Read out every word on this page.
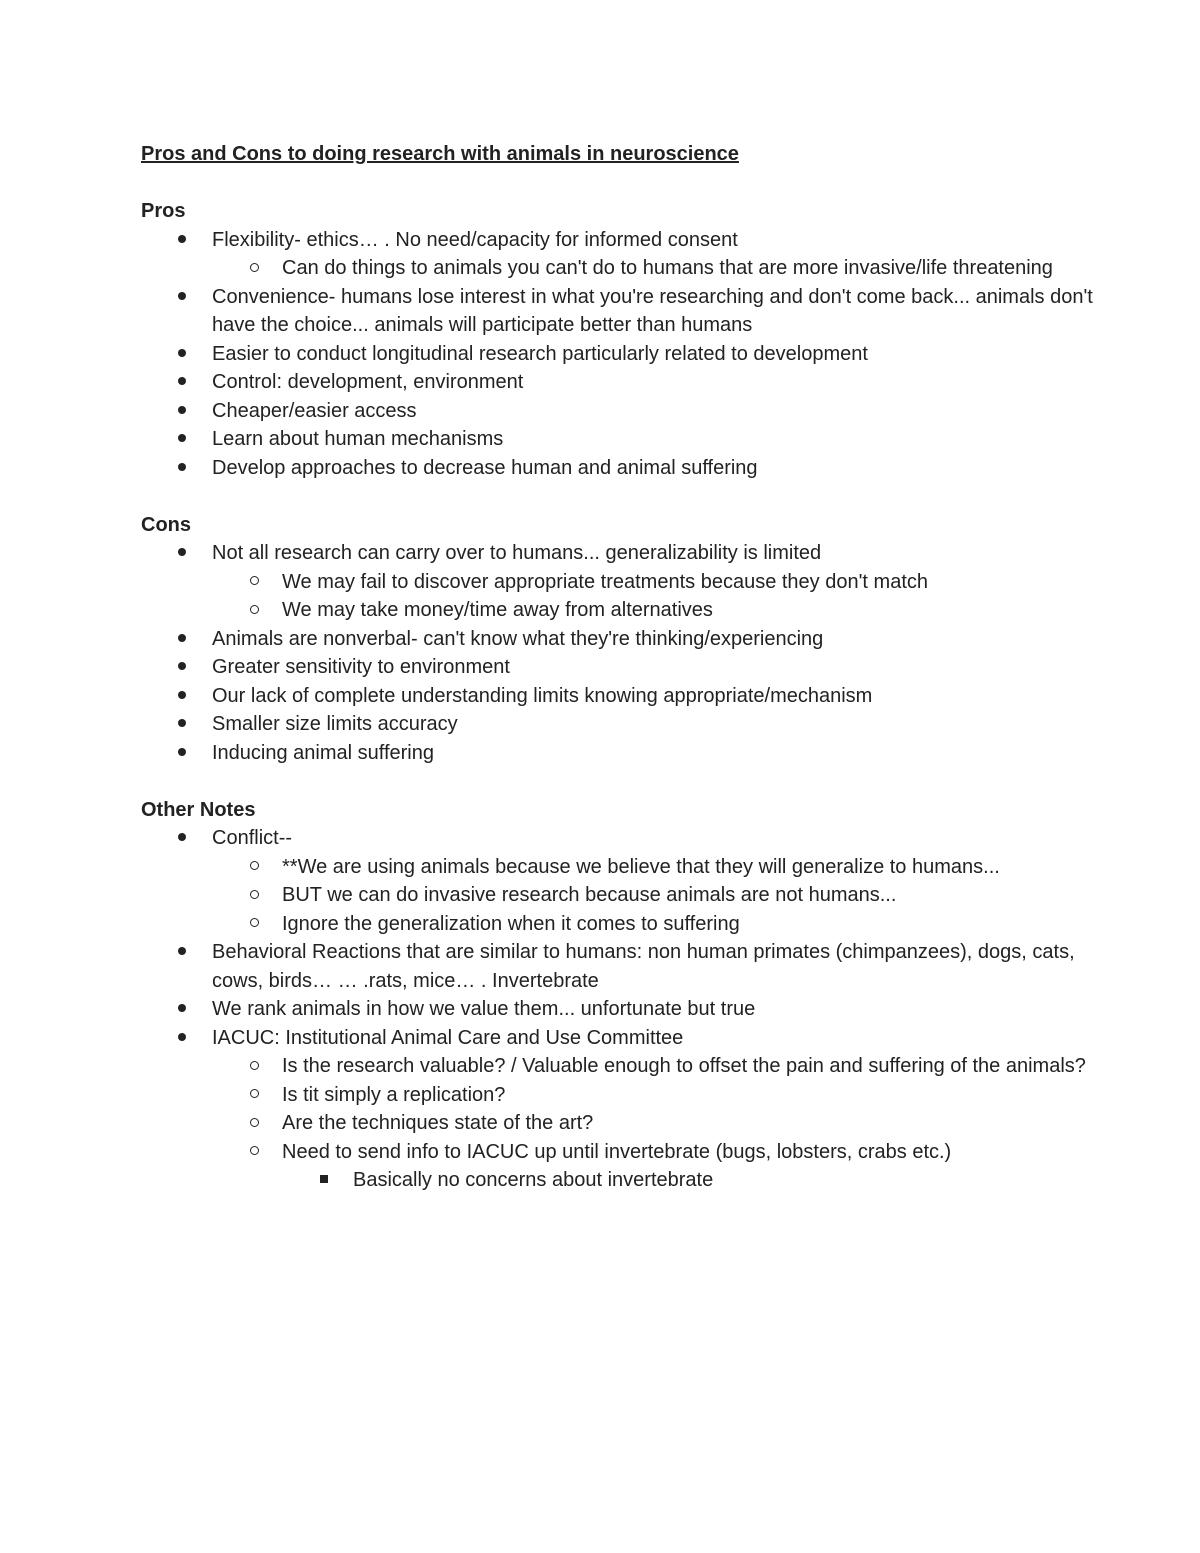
Pros and Cons to doing research with animals in neuroscience

Pros

Flexibility- ethics… . No need/capacity for informed consent
Can do things to animals you can't do to humans that are more invasive/life threatening
Convenience- humans lose interest in what you're researching and don't come back... animals don't have the choice... animals will participate better than humans
Easier to conduct longitudinal research particularly related to development
Control: development, environment
Cheaper/easier access
Learn about human mechanisms
Develop approaches to decrease human and animal suffering

Cons

Not all research can carry over to humans... generalizability is limited
We may fail to discover appropriate treatments because they don't match
We may take money/time away from alternatives
Animals are nonverbal- can't know what they're thinking/experiencing
Greater sensitivity to environment
Our lack of complete understanding limits knowing appropriate/mechanism
Smaller size limits accuracy
Inducing animal suffering

Other Notes

Conflict--
**We are using animals because we believe that they will generalize to humans...
BUT we can do invasive research because animals are not humans...
Ignore the generalization when it comes to suffering
Behavioral Reactions that are similar to humans: non human primates (chimpanzees), dogs, cats, cows, birds… … .rats, mice… . Invertebrate
We rank animals in how we value them... unfortunate but true
IACUC: Institutional Animal Care and Use Committee
Is the research valuable? / Valuable enough to offset the pain and suffering of the animals?
Is tit simply a replication?
Are the techniques state of the art?
Need to send info to IACUC up until invertebrate (bugs, lobsters, crabs etc.)
Basically no concerns about invertebrate
